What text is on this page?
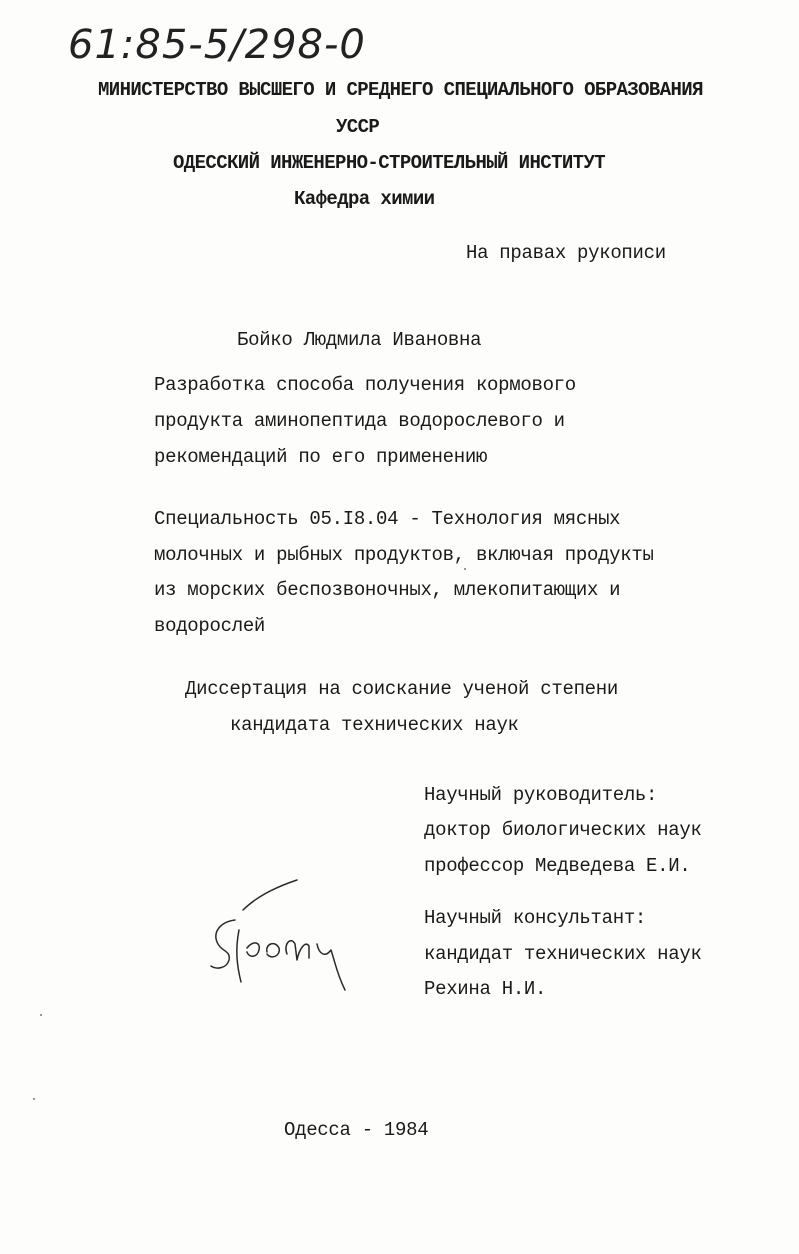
61:85-5/298-0
МИНИСТЕРСТВО ВЫСШЕГО И СРЕДНЕГО СПЕЦИАЛЬНОГО ОБРАЗОВАНИЯ
УССР
ОДЕССКИЙ ИНЖЕНЕРНО-СТРОИТЕЛЬНЫЙ ИНСТИТУТ
Кафедра химии
На правах рукописи
Бойко Людмила Ивановна
Разработка способа получения кормового
продукта аминопептида водорослевого и
рекомендаций по его применению
Специальность 05.I8.04 - Технология мясных
молочных и рыбных продуктов, включая продукты
из морских беспозвоночных, млекопитающих и
водорослей
Диссертация на соискание ученой степени
кандидата технических наук
Научный руководитель:
доктор биологических наук
профессор Медведева Е.И.
Научный консультант:
кандидат технических наук
Рехина Н.И.
Бойко
Одесса - 1984
